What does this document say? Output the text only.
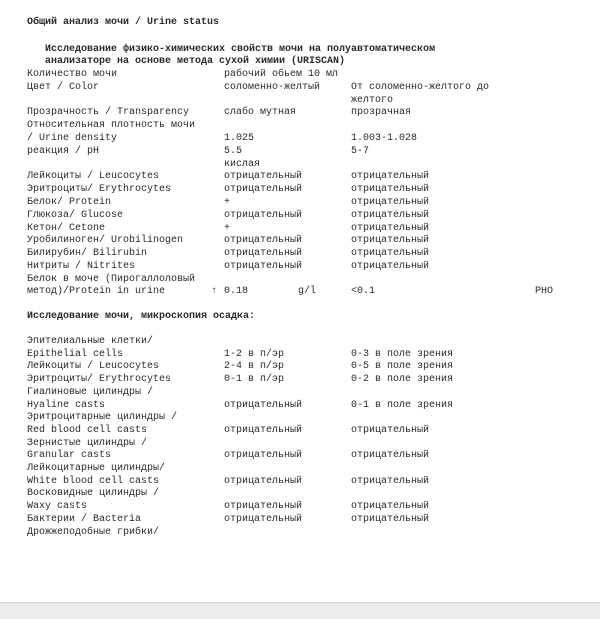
Общий анализ мочи / Urine status
Исследование физико-химических свойств мочи на полуавтоматическом
анализаторе на основе метода сухой химии (URISCAN)
Количество мочи	рабочий обьем 10 мл
Цвет / Color	соломенно-желтый	От соломенно-желтого до
желтого
Прозрачность / Transparency	слабо мутная	прозрачная
Относительная плотность мочи
/ Urine density	1.025	1.003-1.028
реакция / pH	5.5	5-7
кислая
Лейкоциты / Leucocytes	отрицательный	отрицательный
Эритроциты/ Erythrocytes	отрицательный	отрицательный
Белок/ Protein	+	отрицательный
Глюкоза/ Glucose	отрицательный	отрицательный
Кетон/ Cetone	+	отрицательный
Уробилиноген/ Urobilinogen	отрицательный	отрицательный
Билирубин/ Bilirubin	отрицательный	отрицательный
Нитриты / Nitrites	отрицательный	отрицательный
Белок в моче (Пирогаллоловый
метод)/Protein in urine	↑ 0.18	g/l	<0.1	PHO
Исследование мочи, микроскопия осадка:
Эпителиальные клетки/
Epithelial cells	1-2 в п/эр	0-3 в поле зрения
Лейкоциты / Leucocytes	2-4 в п/эр	0-5 в поле зрения
Эритроциты/ Erythrocytes	0-1 в п/эр	0-2 в поле зрения
Гиалиновые цилиндры /
Hyaline casts	отрицательный	0-1 в поле зрения
Эритроцитарные цилиндры /
Red blood cell casts	отрицательный	отрицательный
Зернистые цилиндры /
Granular casts	отрицательный	отрицательный
Лейкоцитарные цилиндры/
White blood cell casts	отрицательный	отрицательный
Восковидные цилиндры /
Waxy casts	отрицательный	отрицательный
Бактерии / Bacteria	отрицательный	отрицательный
Дрожжеподобные грибки/
